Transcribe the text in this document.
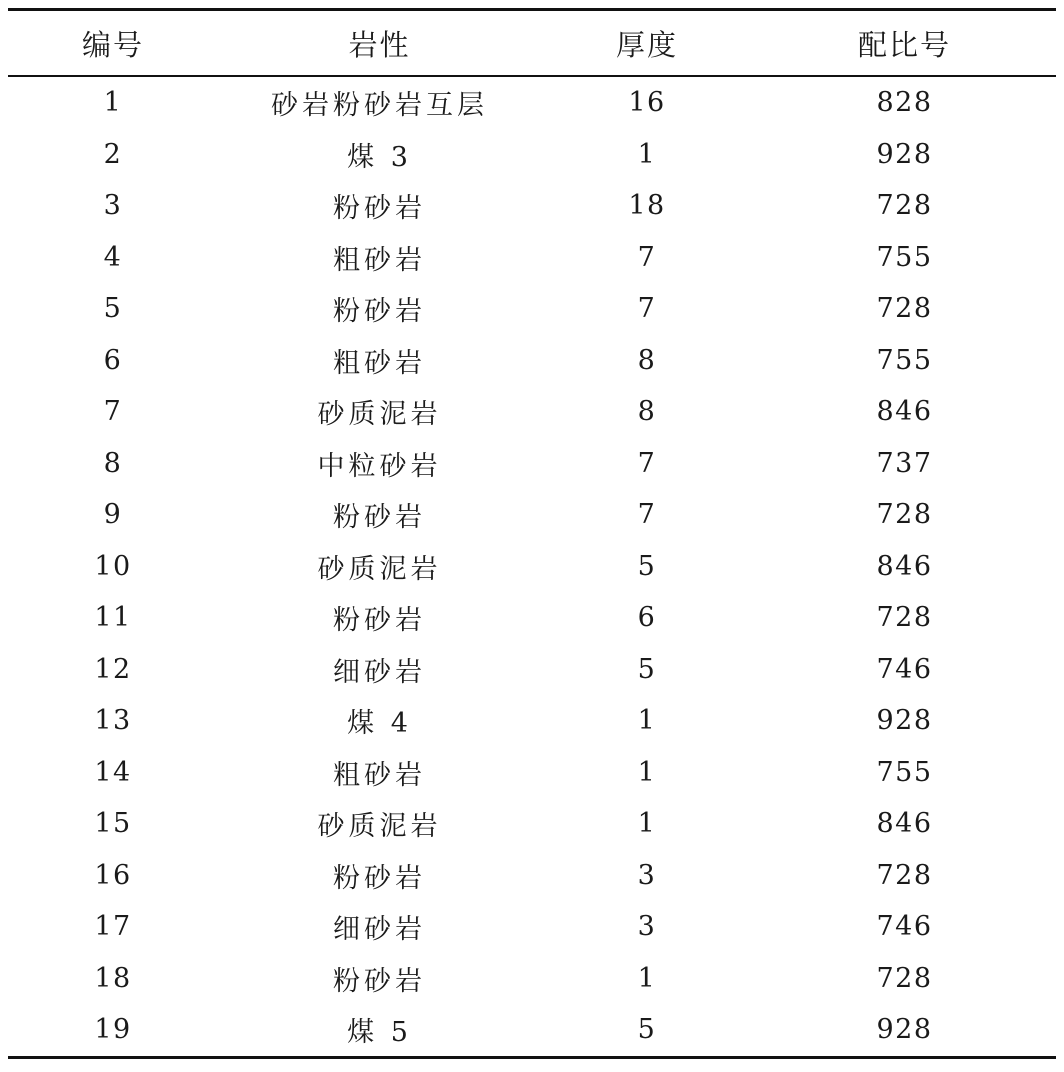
编号	岩性	厚度	配比号
1	砂岩粉砂岩互层	16	828
2	煤 3	1	928
3	粉砂岩	18	728
4	粗砂岩	7	755
5	粉砂岩	7	728
6	粗砂岩	8	755
7	砂质泥岩	8	846
8	中粒砂岩	7	737
9	粉砂岩	7	728
10	砂质泥岩	5	846
11	粉砂岩	6	728
12	细砂岩	5	746
13	煤 4	1	928
14	粗砂岩	1	755
15	砂质泥岩	1	846
16	粉砂岩	3	728
17	细砂岩	3	746
18	粉砂岩	1	728
19	煤 5	5	928
